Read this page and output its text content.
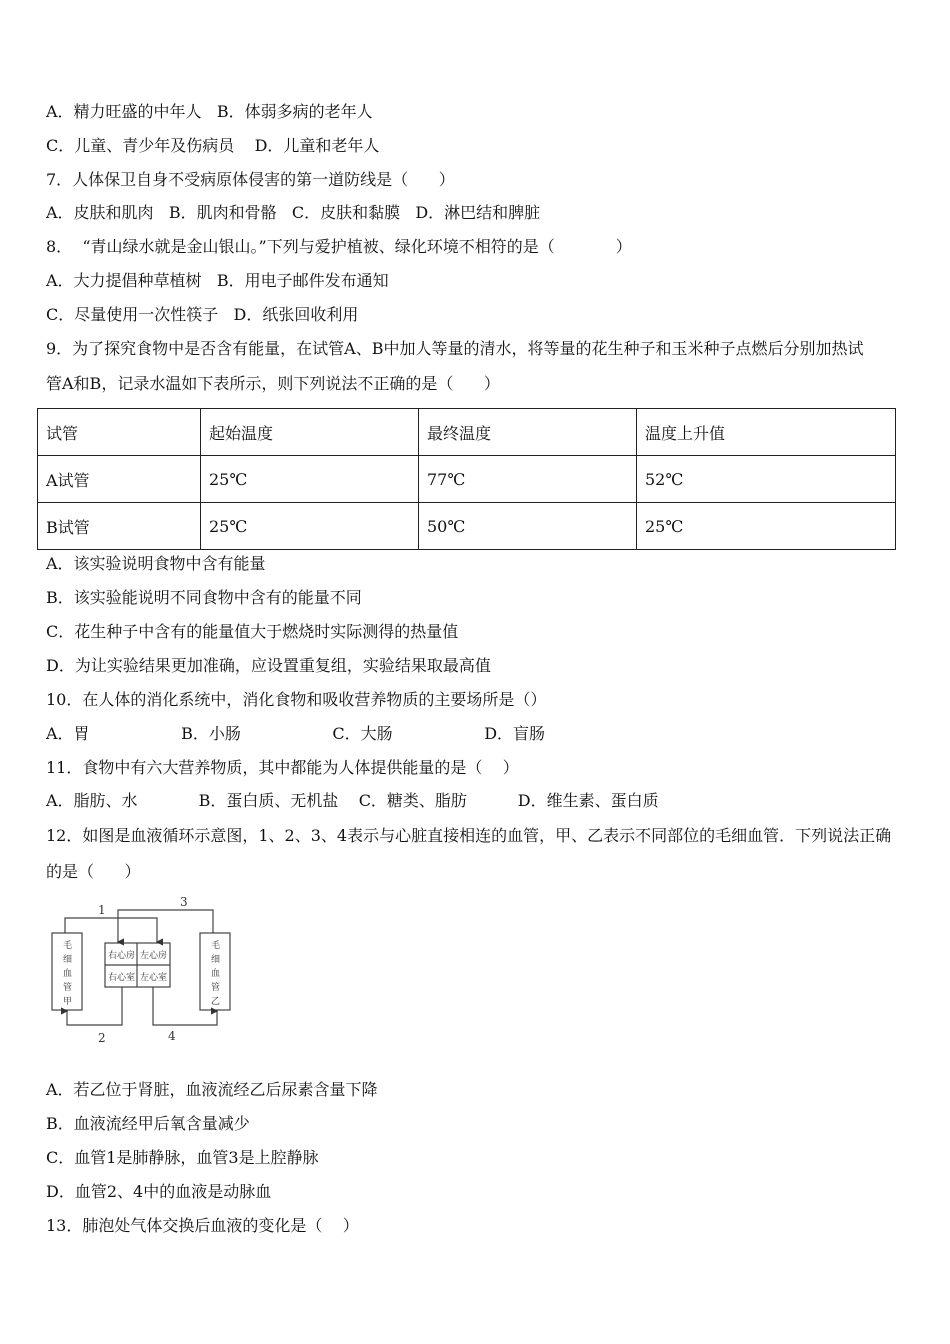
A．精力旺盛的中年人   B．体弱多病的老年人
C．儿童、青少年及伤病员    D．儿童和老年人
7．人体保卫自身不受病原体侵害的第一道防线是（      ）
A．皮肤和肌肉   B．肌肉和骨骼   C．皮肤和黏膜   D．淋巴结和脾脏
8．  “青山绿水就是金山银山。”下列与爱护植被、绿化环境不相符的是（            ）
A．大力提倡种草植树   B．用电子邮件发布通知
C．尽量使用一次性筷子   D．纸张回收利用
9．为了探究食物中是否含有能量，在试管A、B中加人等量的清水，将等量的花生种子和玉米种子点燃后分别加热试
管A和B，记录水温如下表所示，则下列说法不正确的是（      ）
试管	起始温度	最终温度	温度上升值
A试管	25℃	77℃	52℃
B试管	25℃	50℃	25℃
A．该实验说明食物中含有能量
B．该实验能说明不同食物中含有的能量不同
C．花生种子中含有的能量值大于燃烧时实际测得的热量值
D．为让实验结果更加准确，应设置重复组，实验结果取最高值
10．在人体的消化系统中，消化食物和吸收营养物质的主要场所是（）
A．胃                  B．小肠                  C．大肠                  D．盲肠
11．食物中有六大营养物质，其中都能为人体提供能量的是（    ）
A．脂肪、水            B．蛋白质、无机盐    C．糖类、脂肪          D．维生素、蛋白质
12．如图是血液循环示意图，1、2、3、4表示与心脏直接相连的血管，甲、乙表示不同部位的毛细血管．下列说法正确
的是（      ）
毛
细
血
管
甲
毛
细
血
管
乙
右心房 左心房
右心室 左心室
1
3
2	4
A．若乙位于肾脏，血液流经乙后尿素含量下降
B．血液流经甲后氧含量减少
C．血管1是肺静脉，血管3是上腔静脉
D．血管2、4中的血液是动脉血
13．肺泡处气体交换后血液的变化是（    ）
